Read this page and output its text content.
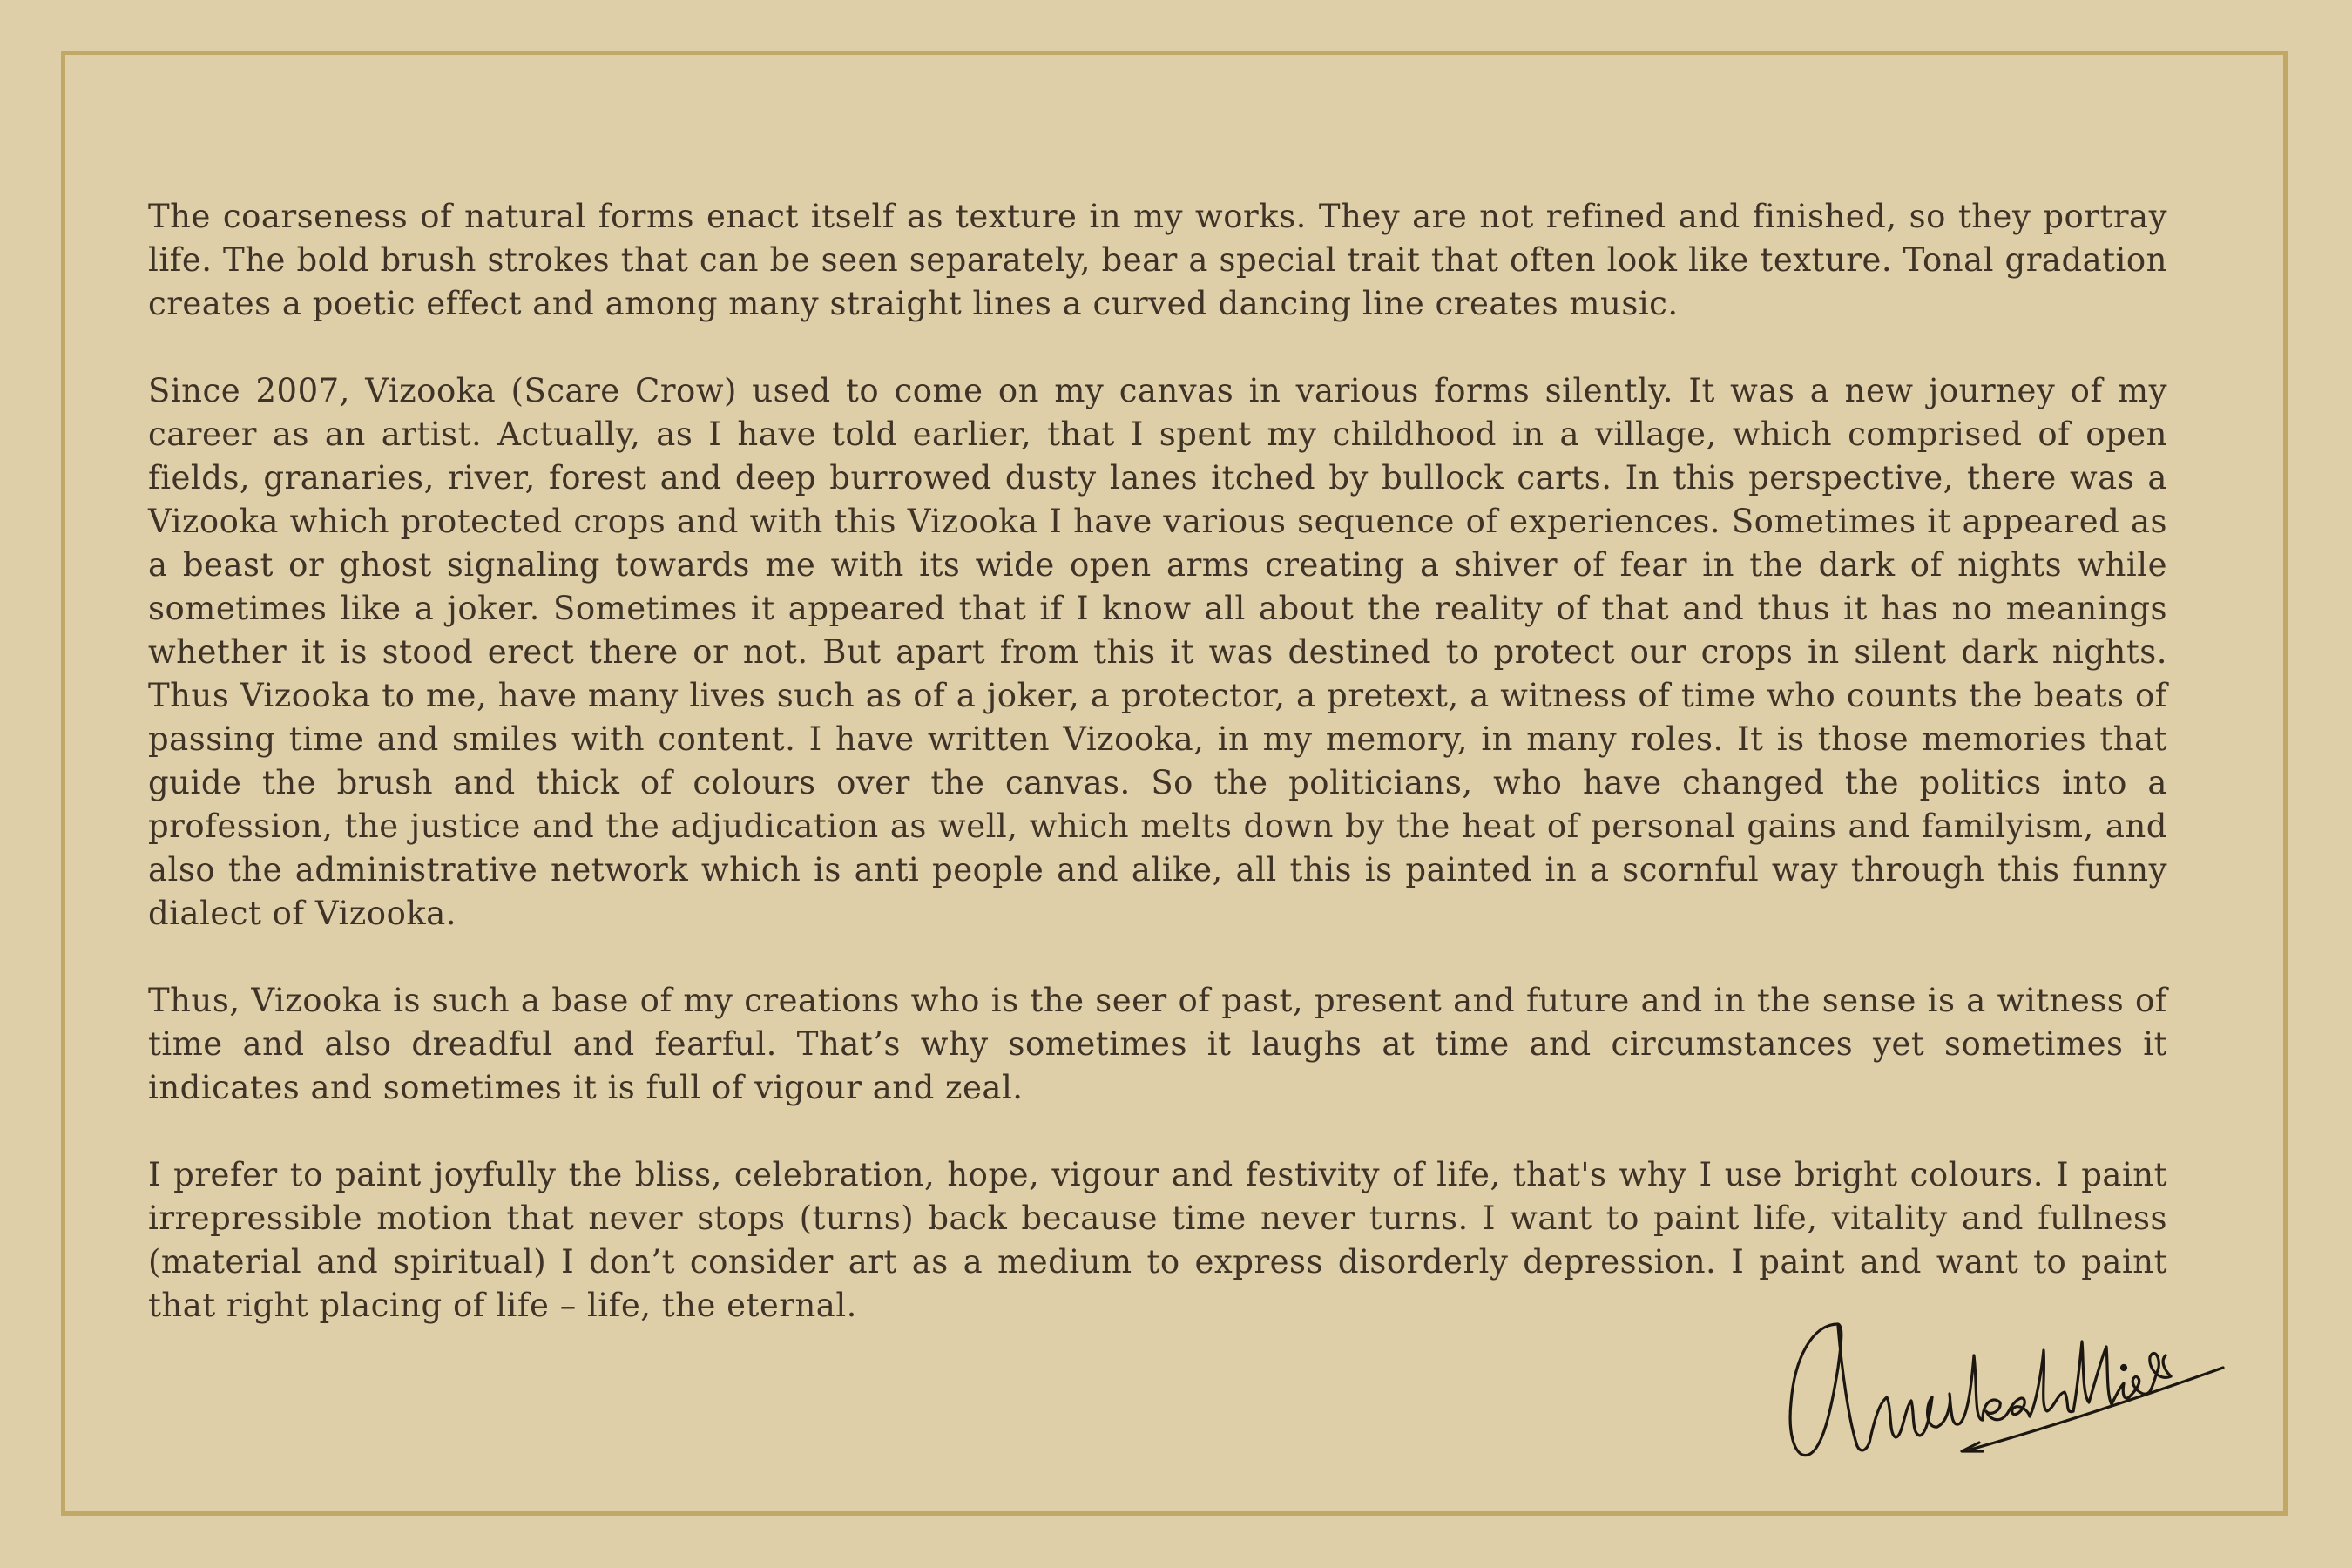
The coarseness of natural forms enact itself as texture in my works. They are not refined and finished, so they portray life. The bold brush strokes that can be seen separately, bear a special trait that often look like texture. Tonal gradation creates a poetic effect and among many straight lines a curved dancing line creates music.

Since 2007, Vizooka (Scare Crow) used to come on my canvas in various forms silently. It was a new journey of my career as an artist. Actually, as I have told earlier, that I spent my childhood in a village, which comprised of open fields, granaries, river, forest and deep burrowed dusty lanes itched by bullock carts. In this perspective, there was a Vizooka which protected crops and with this Vizooka I have various sequence of experiences. Sometimes it appeared as a beast or ghost signaling towards me with its wide open arms creating a shiver of fear in the dark of nights while sometimes like a joker. Sometimes it appeared that if I know all about the reality of that and thus it has no meanings whether it is stood erect there or not. But apart from this it was destined to protect our crops in silent dark nights. Thus Vizooka to me, have many lives such as of a joker, a protector, a pretext, a witness of time who counts the beats of passing time and smiles with content. I have written Vizooka, in my memory, in many roles. It is those memories that guide the brush and thick of colours over the canvas. So the politicians, who have changed the politics into a profession, the justice and the adjudication as well, which melts down by the heat of personal gains and familyism, and also the administrative network which is anti people and alike, all this is painted in a scornful way through this funny dialect of Vizooka.

Thus, Vizooka is such a base of my creations who is the seer of past, present and future and in the sense is a witness of time and also dreadful and fearful. That’s why sometimes it laughs at time and circumstances yet sometimes it indicates and sometimes it is full of vigour and zeal.

I prefer to paint joyfully the bliss, celebration, hope, vigour and festivity of life, that's why I use bright colours. I paint irrepressible motion that never stops (turns) back because time never turns. I want to paint life, vitality and fullness (material and spiritual) I don’t consider art as a medium to express disorderly depression. I paint and want to paint that right placing of life – life, the eternal.
